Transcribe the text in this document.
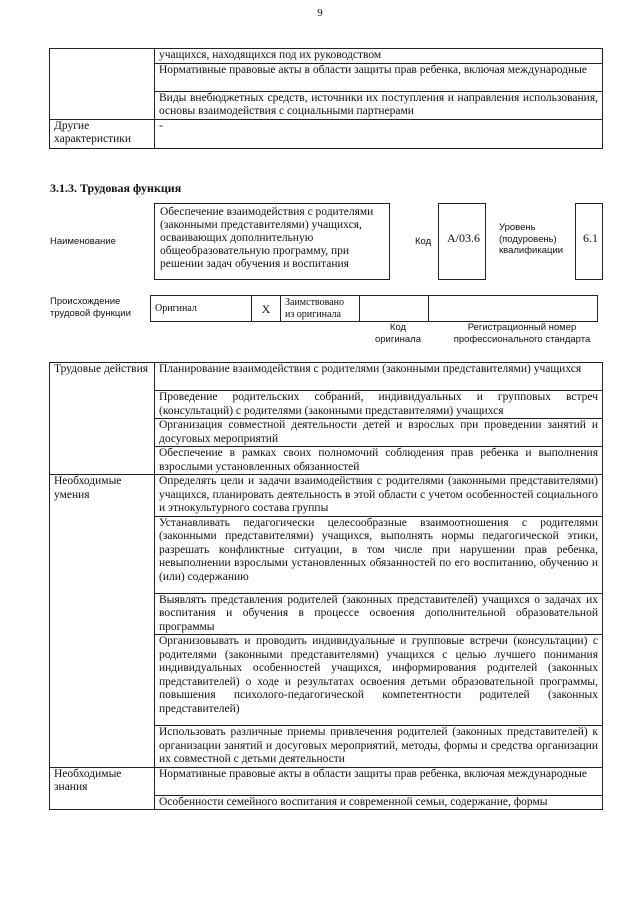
9
	учащихся, находящихся под их руководством
	Нормативные правовые акты в области защиты прав ребенка, включая международные
	Виды внебюджетных средств, источники их поступления и направления использования, основы взаимодействия с социальными партнерами
Другие характеристики	-
3.1.3. Трудовая функция
Наименование
Обеспечение взаимодействия с родителями (законными представителями) учащихся, осваивающих дополнительную общеобразовательную программу, при решении задач обучения и воспитания
Код	А/03.6
Уровень (подуровень) квалификации
6.1
Происхождение трудовой функции	Оригинал	X	Заимствовано из оригинала		
Код оригинала
Регистрационный номер профессионального стандарта
Трудовые действия	Планирование взаимодействия с родителями (законными представителями) учащихся
	Проведение родительских собраний, индивидуальных и групповых встреч (консультаций) с родителями (законными представителями) учащихся
	Организация совместной деятельности детей и взрослых при проведении занятий и досуговых мероприятий
	Обеспечение в рамках своих полномочий соблюдения прав ребенка и выполнения взрослыми установленных обязанностей
Необходимые умения	Определять цели и задачи взаимодействия с родителями (законными представителями) учащихся, планировать деятельность в этой области с учетом особенностей социального и этнокультурного состава группы
	Устанавливать педагогически целесообразные взаимоотношения с родителями (законными представителями) учащихся, выполнять нормы педагогической этики, разрешать конфликтные ситуации, в том числе при нарушении прав ребенка, невыполнении взрослыми установленных обязанностей по его воспитанию, обучению и (или) содержанию
	Выявлять представления родителей (законных представителей) учащихся о задачах их воспитания и обучения в процессе освоения дополнительной образовательной программы
	Организовывать и проводить индивидуальные и групповые встречи (консультации) с родителями (законными представителями) учащихся с целью лучшего понимания индивидуальных особенностей учащихся, информирования родителей (законных представителей) о ходе и результатах освоения детьми образовательной программы, повышения психолого-педагогической компетентности родителей (законных представителей)
	Использовать различные приемы привлечения родителей (законных представителей) к организации занятий и досуговых мероприятий, методы, формы и средства организации их совместной с детьми деятельности
Необходимые знания	Нормативные правовые акты в области защиты прав ребенка, включая международные
	Особенности семейного воспитания и современной семьи, содержание, формы
